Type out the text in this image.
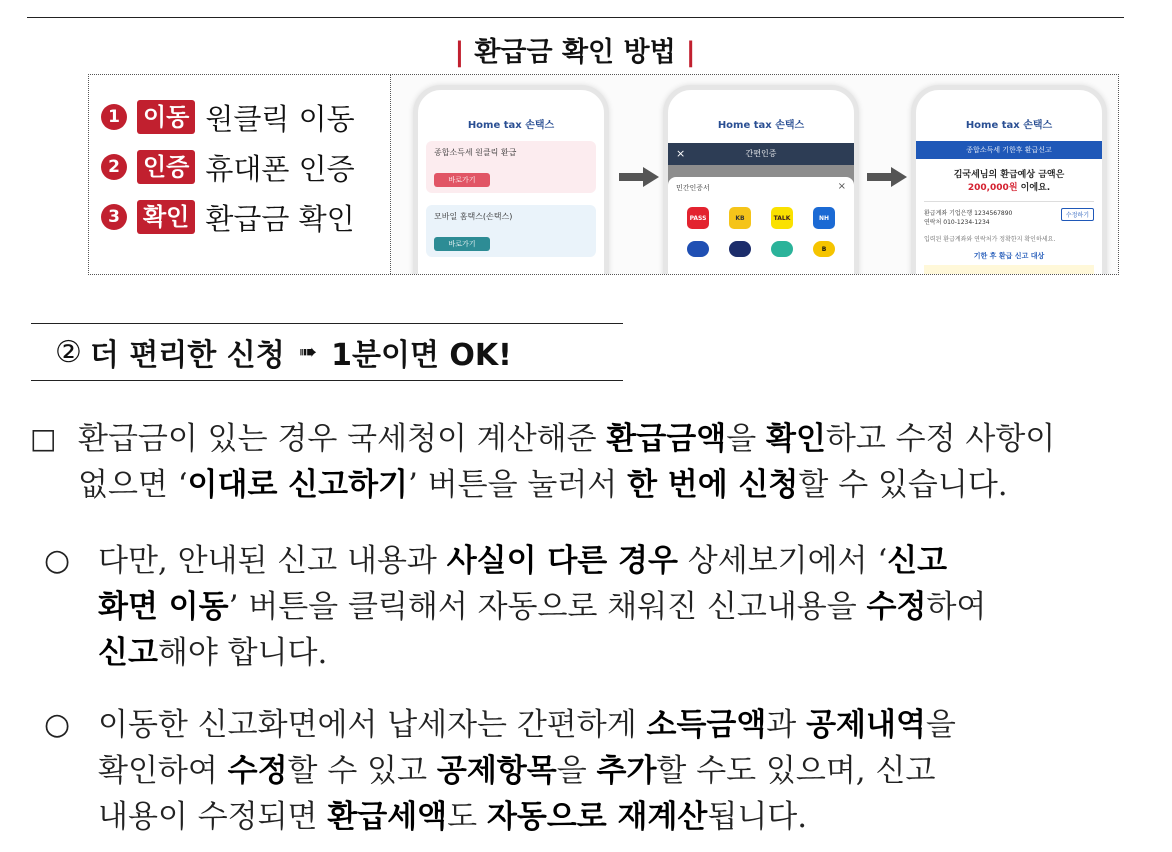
| 환급금 확인 방법 |
1 이동 원클릭 이동
2 인증 휴대폰 인증
3 확인 환급금 확인
Home tax 손택스
종합소득세 원클릭 환급
바로가기
모바일 홈택스(손택스)
바로가기
Home tax 손택스
×	간편인증
민간인증서	×
PASS	KB	TALK	NH
B
Home tax 손택스
종합소득세 기한후 환급신고
김국세님의 환급예상 금액은
200,000원 이에요.
환급계좌 기업은행 1234567890
연락처 010-1234-1234
수정하기
입력된 환급계좌와 연락처가 정확한지 확인하세요.
기한 후 환급 신고 대상
② 더 편리한 신청 ➠ 1분이면 OK!
□ 환급금이 있는 경우 국세청이 계산해준 환급금액을 확인하고 수정 사항이
없으면 ‘이대로 신고하기’ 버튼을 눌러서 한 번에 신청할 수 있습니다.
○ 다만, 안내된 신고 내용과 사실이 다른 경우 상세보기에서 ‘신고
화면 이동’ 버튼을 클릭해서 자동으로 채워진 신고내용을 수정하여
신고해야 합니다.
○ 이동한 신고화면에서 납세자는 간편하게 소득금액과 공제내역을
확인하여 수정할 수 있고 공제항목을 추가할 수도 있으며, 신고
내용이 수정되면 환급세액도 자동으로 재계산됩니다.
